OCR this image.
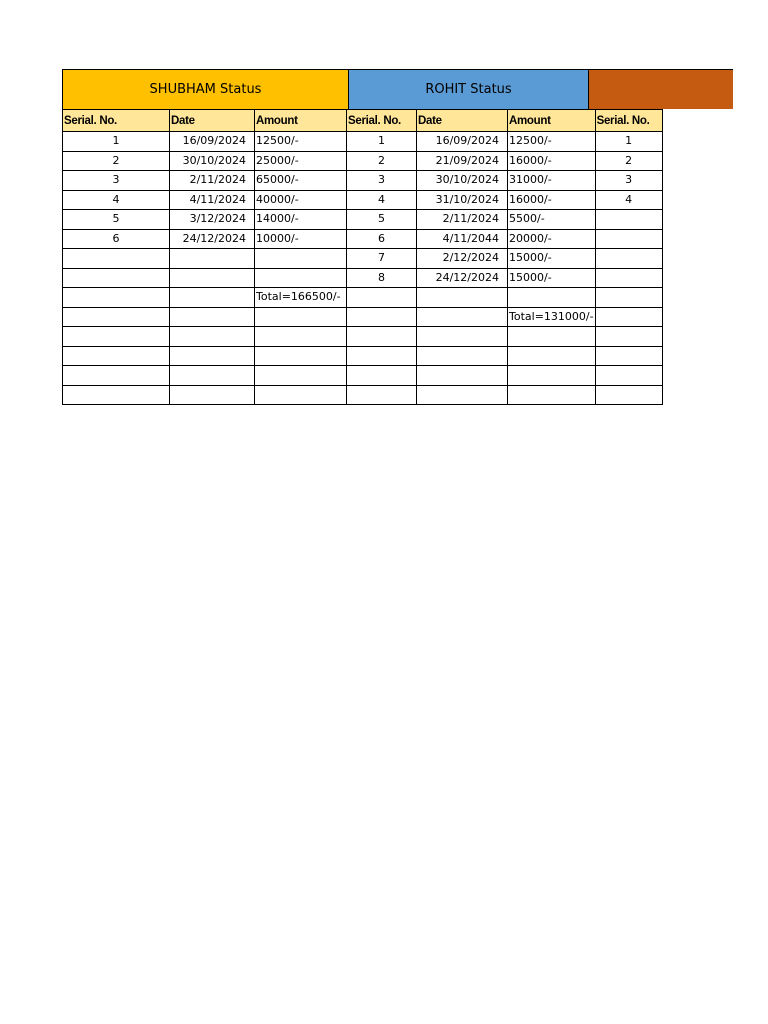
SHUBHAM Status	ROHIT Status
Serial. No.	Date	Amount	Serial. No.	Date	Amount	Serial. No.
1	16/09/2024	12500/-	1	16/09/2024	12500/-	1
2	30/10/2024	25000/-	2	21/09/2024	16000/-	2
3	2/11/2024	65000/-	3	30/10/2024	31000/-	3
4	4/11/2024	40000/-	4	31/10/2024	16000/-	4
5	3/12/2024	14000/-	5	2/11/2024	5500/-	
6	24/12/2024	10000/-	6	4/11/2044	20000/-	
			7	2/12/2024	15000/-	
			8	24/12/2024	15000/-	
		Total=166500/-				
					Total=131000/-	
